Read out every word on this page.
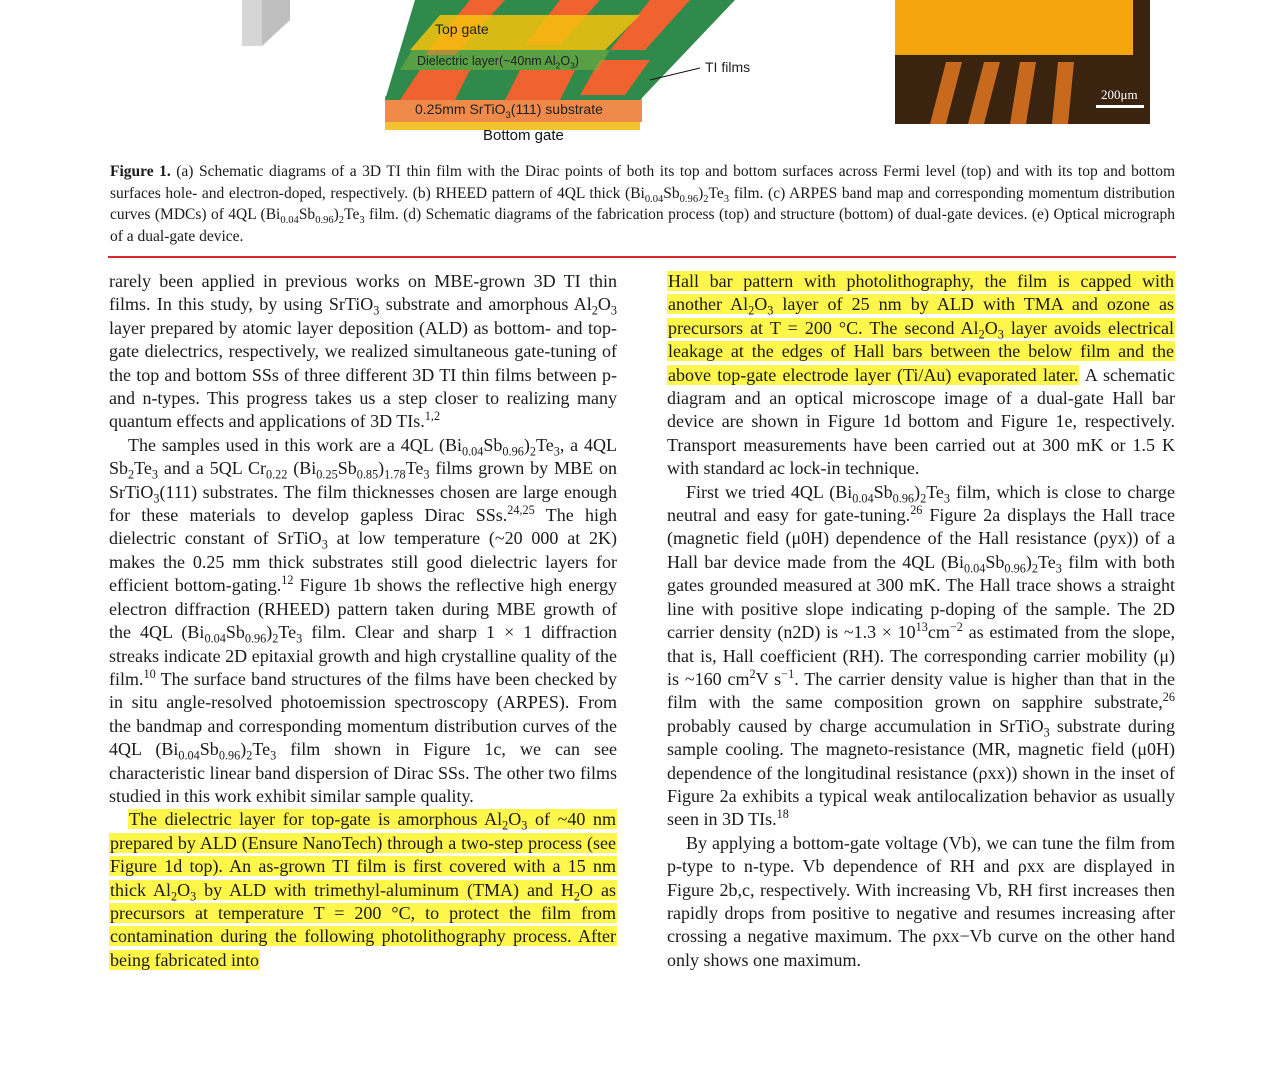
Top gate
Dielectric layer(~40nm $Al_2O_3$)	TI films
0.25mm SrTiO$_3$(111) substrate
Bottom gate
200μm
Figure 1. (a) Schematic diagrams of a 3D TI thin film with the Dirac points of both its top and bottom surfaces across Fermi level (top) and with its top and bottom surfaces hole- and electron-doped, respectively. (b) RHEED pattern of 4QL thick $(Bi_{0.04}Sb_{0.96})_2Te_3$ film. (c) ARPES band map and corresponding momentum distribution curves (MDCs) of 4QL $(Bi_{0.04}Sb_{0.96})_2Te_3$ film. (d) Schematic diagrams of the fabrication process (top) and structure (bottom) of dual-gate devices. (e) Optical micrograph of a dual-gate device.

rarely been applied in previous works on MBE-grown 3D TI thin films. In this study, by using SrTiO$_3$ substrate and amorphous $Al_2O_3$ layer prepared by atomic layer deposition (ALD) as bottom- and top-gate dielectrics, respectively, we realized simultaneous gate-tuning of the top and bottom SSs of three different 3D TI thin films between p- and n-types. This progress takes us a step closer to realizing many quantum effects and applications of 3D TIs.$^{1,2}$

The samples used in this work are a 4QL $(Bi_{0.04}Sb_{0.96})_2Te_3$, a 4QL $Sb_2Te_3$ and a 5QL $Cr_{0.22}$ $(Bi_{0.25}Sb_{0.85})_{1.78}Te_3$ films grown by MBE on SrTiO$_3$(111) substrates. The film thicknesses chosen are large enough for these materials to develop gapless Dirac SSs.$^{24,25}$ The high dielectric constant of SrTiO$_3$ at low temperature (~20 000 at 2K) makes the 0.25 mm thick substrates still good dielectric layers for efficient bottom-gating.$^{12}$ Figure 1b shows the reflective high energy electron diffraction (RHEED) pattern taken during MBE growth of the 4QL $(Bi_{0.04}Sb_{0.96})_2Te_3$ film. Clear and sharp 1 × 1 diffraction streaks indicate 2D epitaxial growth and high crystalline quality of the film.$^{10}$ The surface band structures of the films have been checked by in situ angle-resolved photoemission spectroscopy (ARPES). From the bandmap and corresponding momentum distribution curves of the 4QL $(Bi_{0.04}Sb_{0.96})_2Te_3$ film shown in Figure 1c, we can see characteristic linear band dispersion of Dirac SSs. The other two films studied in this work exhibit similar sample quality.

The dielectric layer for top-gate is amorphous $Al_2O_3$ of ~40 nm prepared by ALD (Ensure NanoTech) through a two-step process (see Figure 1d top). An as-grown TI film is first covered with a 15 nm thick $Al_2O_3$ by ALD with trimethyl-aluminum (TMA) and $H_2O$ as precursors at temperature T = 200 °C, to protect the film from contamination during the following photolithography process. After being fabricated into

Hall bar pattern with photolithography, the film is capped with another $Al_2O_3$ layer of 25 nm by ALD with TMA and ozone as precursors at T = 200 °C. The second $Al_2O_3$ layer avoids electrical leakage at the edges of Hall bars between the below film and the above top-gate electrode layer (Ti/Au) evaporated later. A schematic diagram and an optical microscope image of a dual-gate Hall bar device are shown in Figure 1d bottom and Figure 1e, respectively. Transport measurements have been carried out at 300 mK or 1.5 K with standard ac lock-in technique.

First we tried 4QL $(Bi_{0.04}Sb_{0.96})_2Te_3$ film, which is close to charge neutral and easy for gate-tuning.$^{26}$ Figure 2a displays the Hall trace (magnetic field (μ0H) dependence of the Hall resistance (ρyx)) of a Hall bar device made from the 4QL $(Bi_{0.04}Sb_{0.96})_2Te_3$ film with both gates grounded measured at 300 mK. The Hall trace shows a straight line with positive slope indicating p-doping of the sample. The 2D carrier density (n2D) is ~1.3 × $10^{13}cm^{-2}$ as estimated from the slope, that is, Hall coefficient (RH). The corresponding carrier mobility (μ) is ~160 $cm^2V$ $s^{-1}$. The carrier density value is higher than that in the film with the same composition grown on sapphire substrate,$^{26}$ probably caused by charge accumulation in SrTiO$_3$ substrate during sample cooling. The magneto-resistance (MR, magnetic field (μ0H) dependence of the longitudinal resistance (ρxx)) shown in the inset of Figure 2a exhibits a typical weak antilocalization behavior as usually seen in 3D TIs.$^{18}$

By applying a bottom-gate voltage (Vb), we can tune the film from p-type to n-type. Vb dependence of RH and ρxx are displayed in Figure 2b,c, respectively. With increasing Vb, RH first increases then rapidly drops from positive to negative and resumes increasing after crossing a negative maximum. The ρxx−Vb curve on the other hand only shows one maximum.
